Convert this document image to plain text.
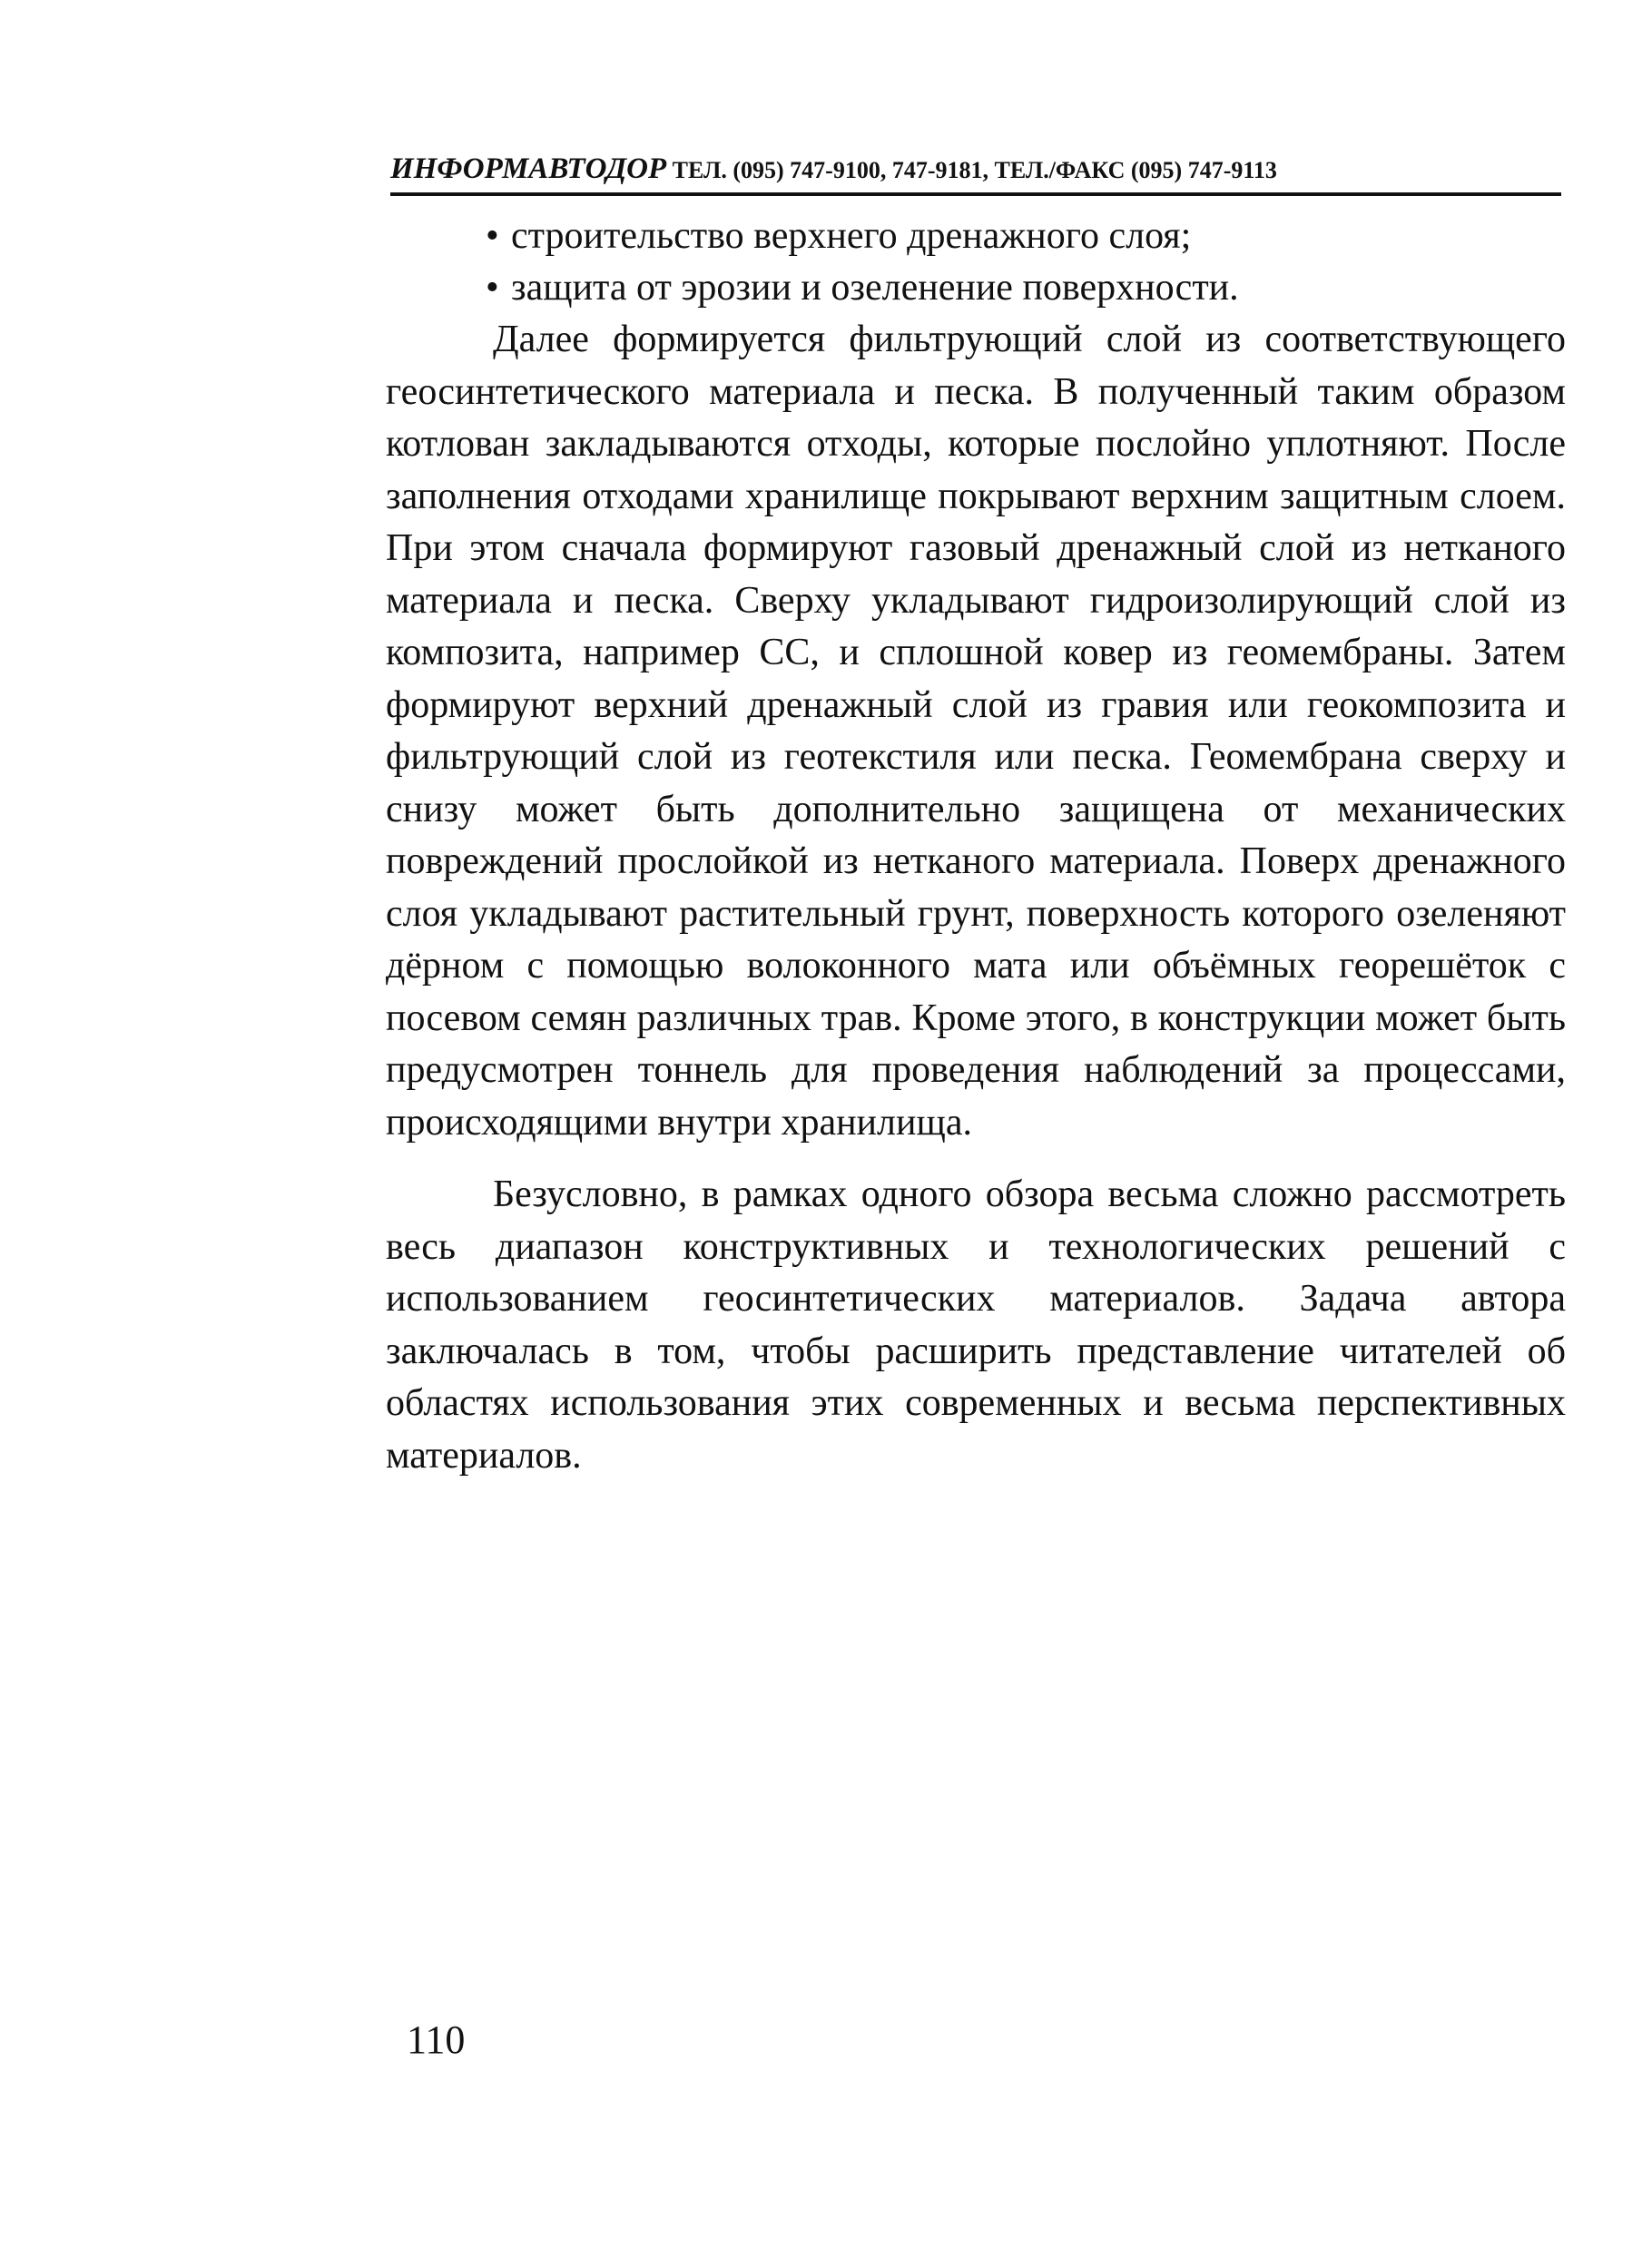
ИНФОРМАВТОДОР ТЕЛ. (095) 747-9100, 747-9181, ТЕЛ./ФАКС (095) 747-9113

• строительство верхнего дренажного слоя;

• защита от эрозии и озеленение поверхности.

Далее формируется фильтрующий слой из соответствующего геосинтетического материала и песка. В полученный таким образом котлован закладываются отходы, которые послойно уплотняют. После заполнения отходами хранилище покрывают верхним защитным слоем. При этом сначала формируют газовый дренажный слой из нетканого материала и песка. Сверху укладывают гидроизолирующий слой из композита, например СС, и сплошной ковер из геомембраны. Затем формируют верхний дренажный слой из гравия или геокомпозита и фильтрующий слой из геотекстиля или песка. Геомембрана сверху и снизу может быть дополнительно защищена от механических повреждений прослойкой из нетканого материала. Поверх дренажного слоя укладывают растительный грунт, поверхность которого озеленяют дёрном с помощью волоконного мата или объёмных георешёток с посевом семян различных трав. Кроме этого, в конструкции может быть предусмотрен тоннель для проведения наблюдений за процессами, происходящими внутри хранилища.

Безусловно, в рамках одного обзора весьма сложно рассмотреть весь диапазон конструктивных и технологических решений с использованием геосинтетических материалов. Задача автора заключалась в том, чтобы расширить представление читателей об областях использования этих современных и весьма перспективных материалов.

110
